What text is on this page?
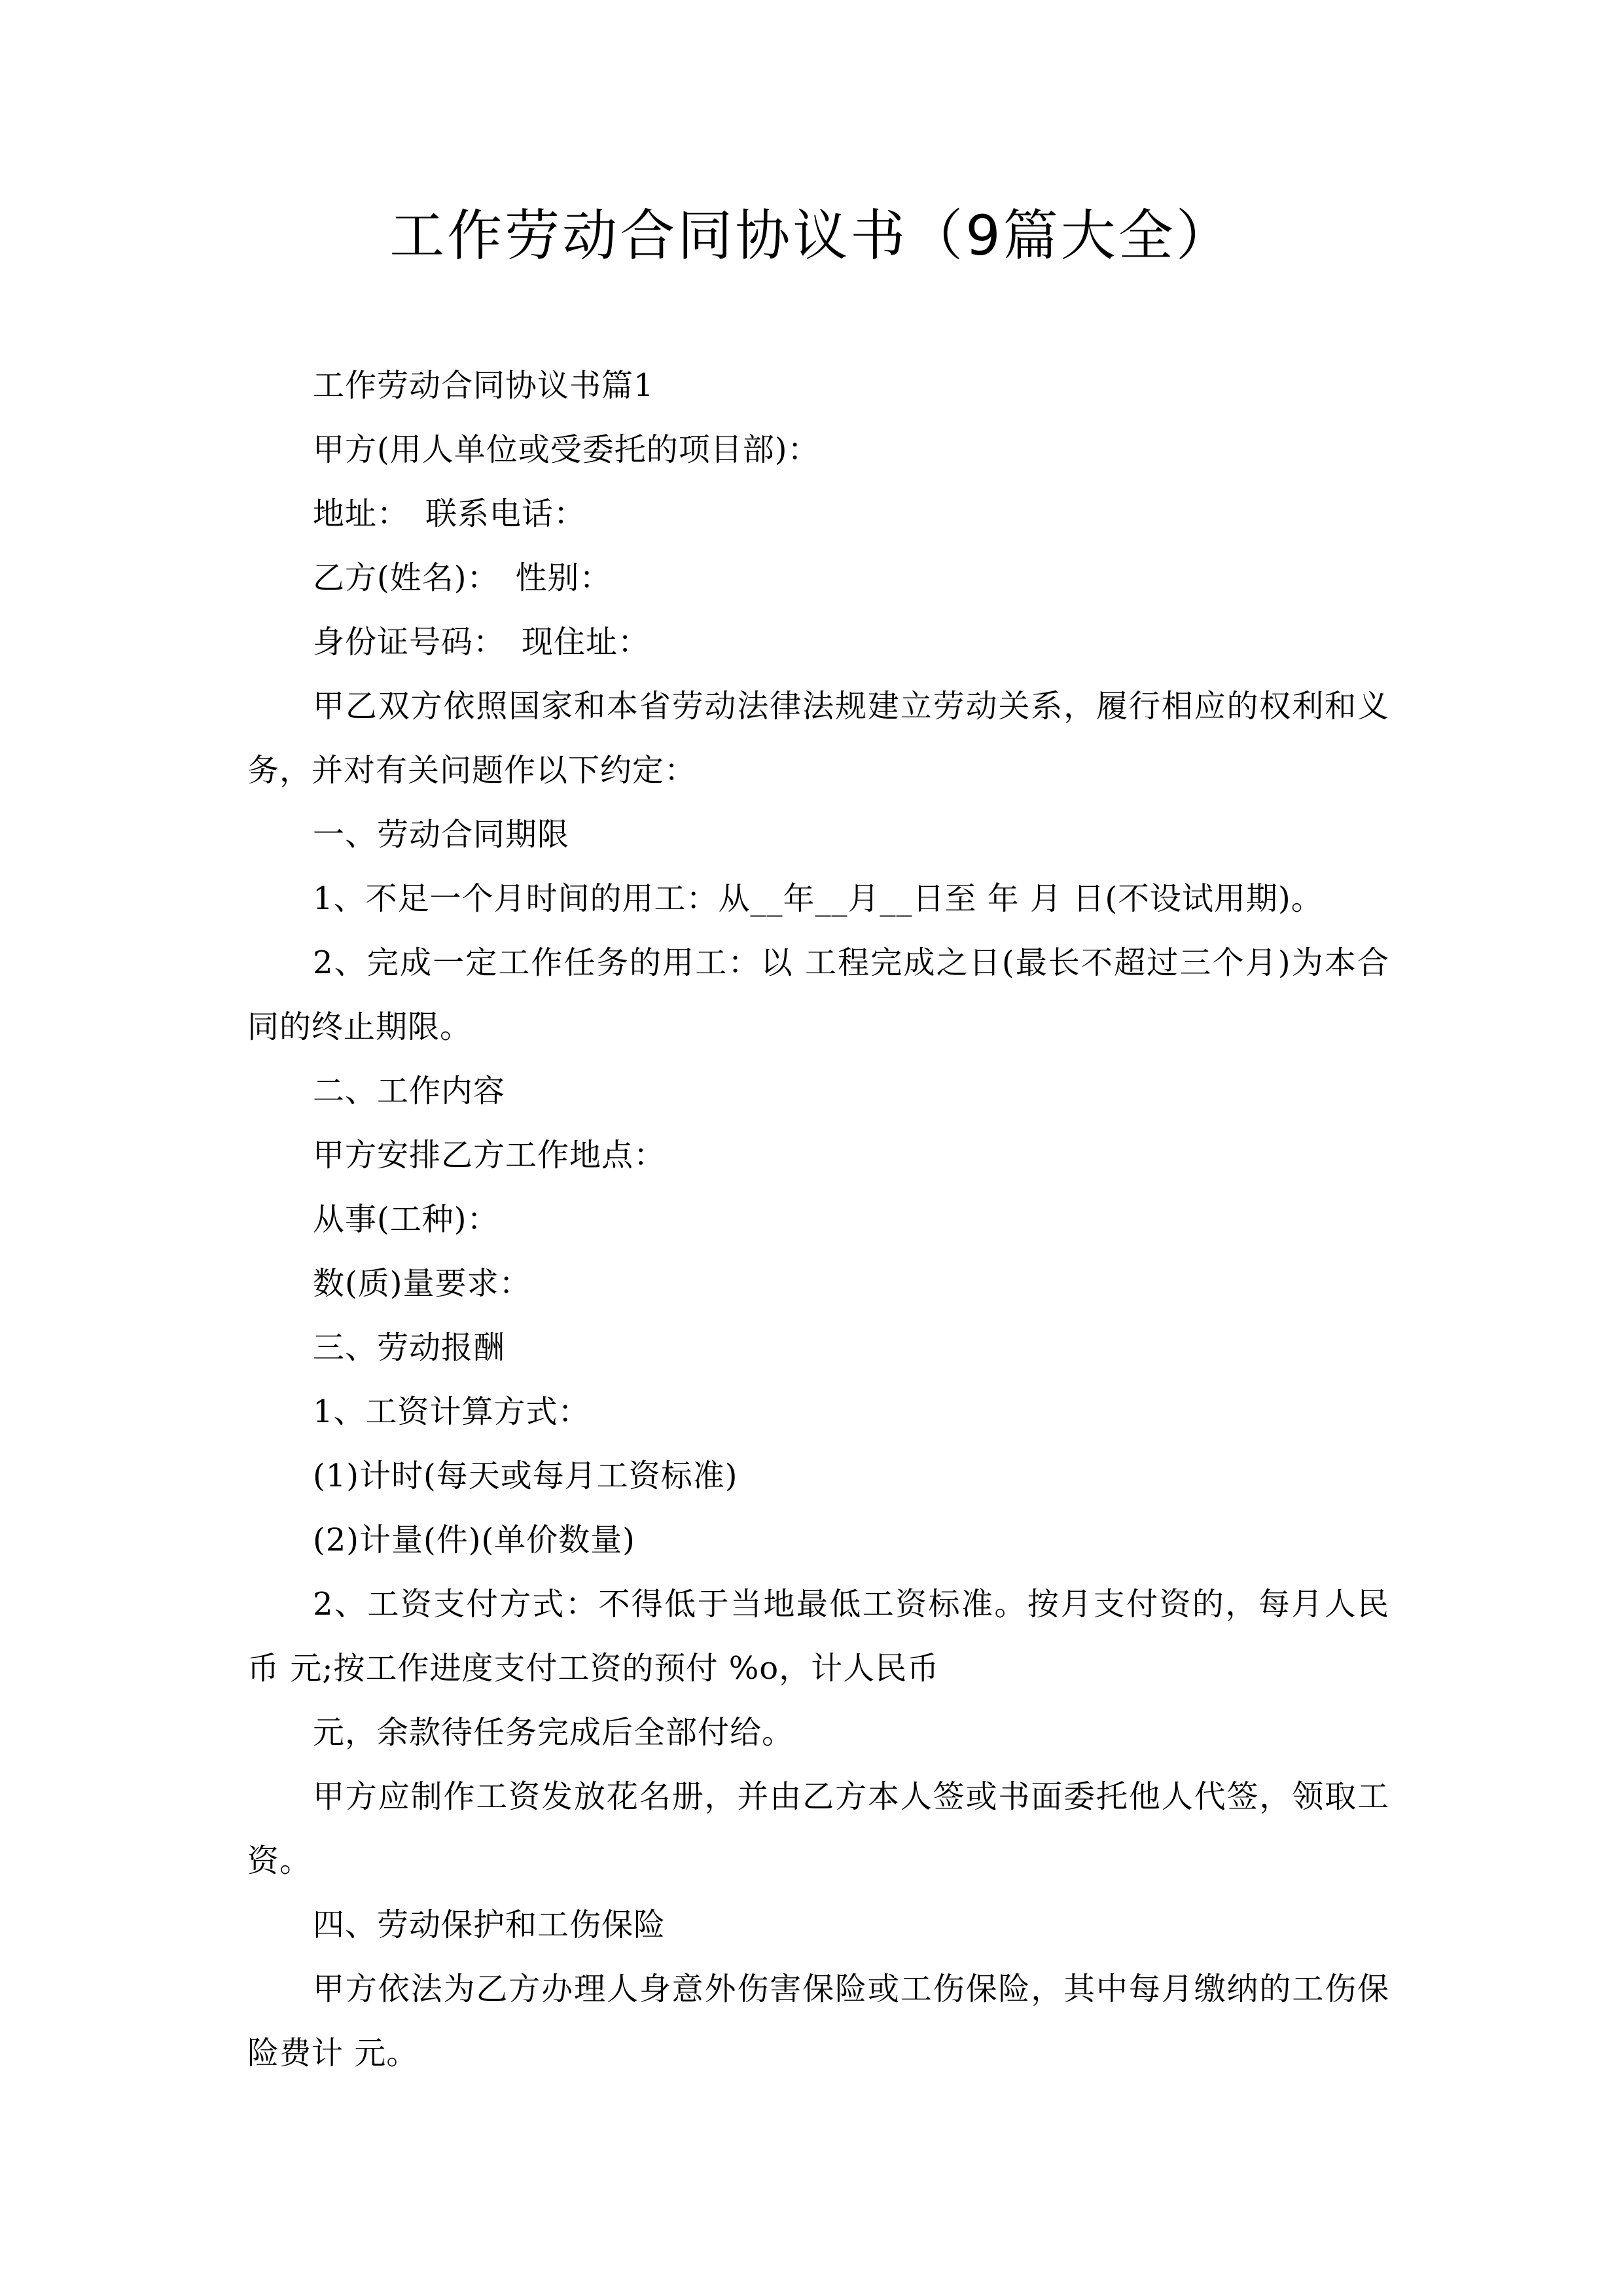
工作劳动合同协议书（9篇大全）

工作劳动合同协议书篇1

甲方(用人单位或受委托的项目部)：

地址：　联系电话：

乙方(姓名)：　性别：

身份证号码：　现住址：

甲乙双方依照国家和本省劳动法律法规建立劳动关系，履行相应的权利和义务，并对有关问题作以下约定：

一、劳动合同期限

1、不足一个月时间的用工：从__年__月__日至 年 月 日(不设试用期)。

2、完成一定工作任务的用工：以 工程完成之日(最长不超过三个月)为本合同的终止期限。

二、工作内容

甲方安排乙方工作地点：

从事(工种)：

数(质)量要求：

三、劳动报酬

1、工资计算方式：

(1)计时(每天或每月工资标准)

(2)计量(件)(单价数量)

2、工资支付方式：不得低于当地最低工资标准。按月支付资的，每月人民币 元;按工作进度支付工资的预付 %o，计人民币

元，余款待任务完成后全部付给。

甲方应制作工资发放花名册，并由乙方本人签或书面委托他人代签，领取工资。

四、劳动保护和工伤保险

甲方依法为乙方办理人身意外伤害保险或工伤保险，其中每月缴纳的工伤保险费计 元。
